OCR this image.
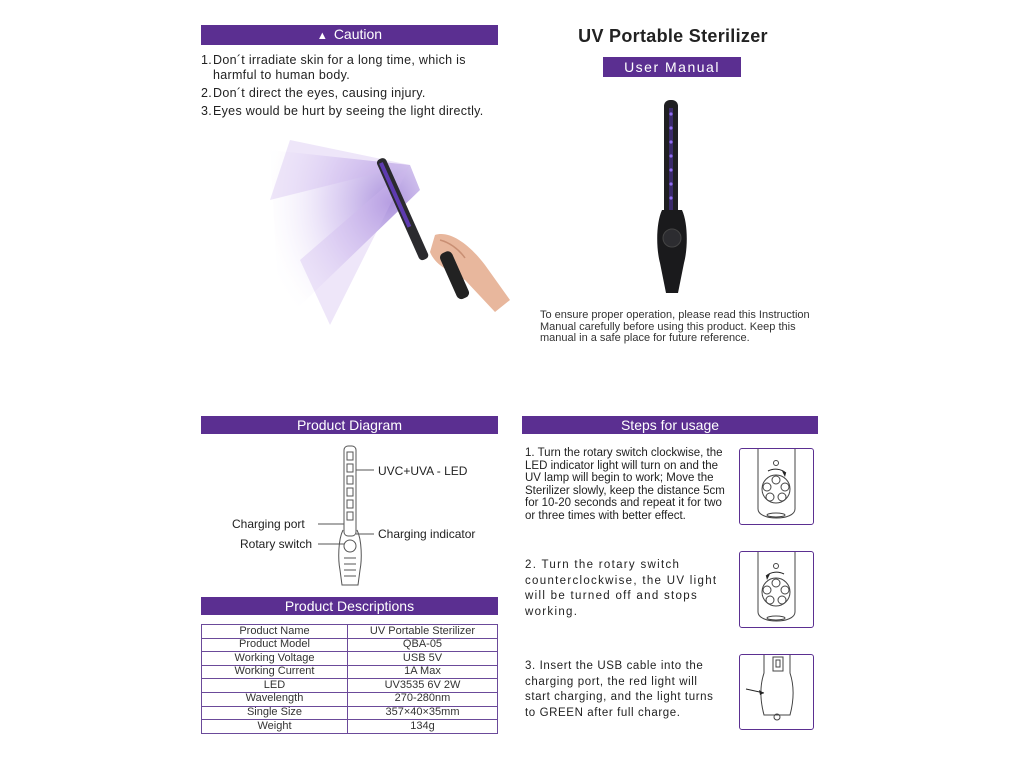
▲ Caution
1. Don´t irradiate skin for a long time, which is harmful to human body.
2. Don´t direct the eyes, causing injury.
3. Eyes would be hurt by seeing the light directly.
UV Portable Sterilizer
User Manual
To ensure proper operation, please read this Instruction Manual carefully before using this product. Keep this manual in a safe place for future reference.
Product Diagram
UVC+UVA - LED
Charging port
Rotary switch
Charging indicator
Product Descriptions
Product Name	UV Portable Sterilizer
Product Model	QBA-05
Working Voltage	USB 5V
Working Current	1A Max
LED	UV3535 6V 2W
Wavelength	270-280nm
Single Size	357×40×35mm
Weight	134g
Steps for usage
1. Turn the rotary switch clockwise, the LED indicator light will turn on and the UV lamp will begin to work; Move the Sterilizer slowly, keep the distance 5cm for 10-20 seconds and repeat it for two or three times with better effect.
2. Turn the rotary switch counterclockwise, the UV light will be turned off and stops working.
3. Insert the USB cable into the charging port, the red light will start charging, and the light turns to GREEN after full charge.
